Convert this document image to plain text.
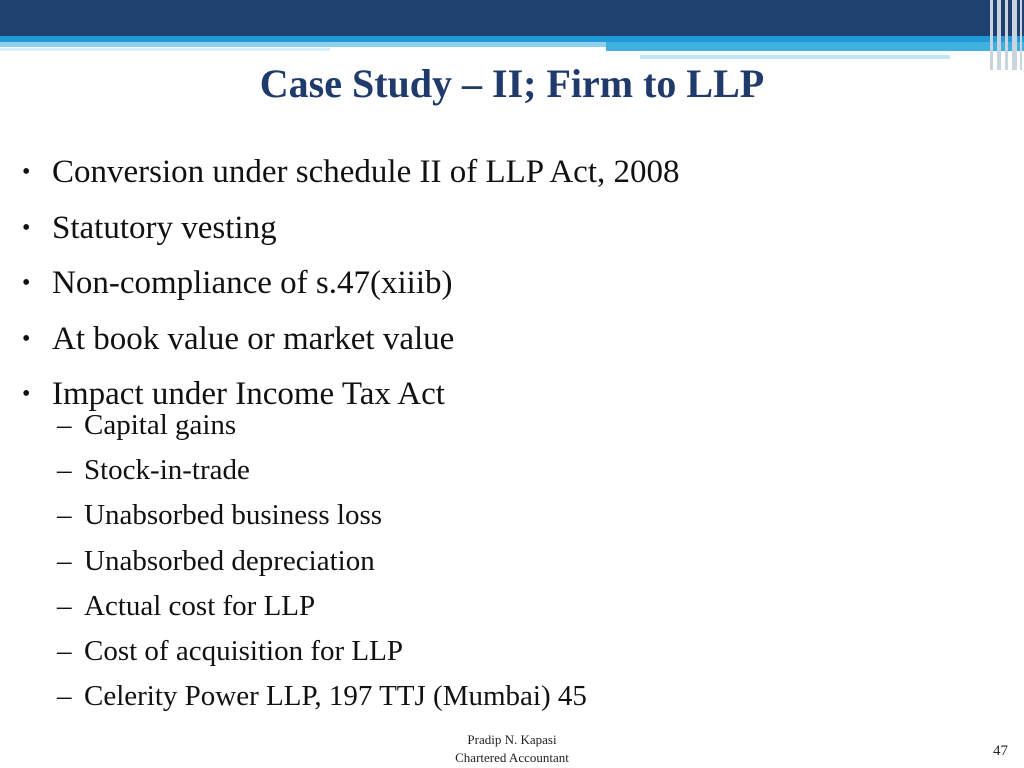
Case Study – II; Firm to LLP
• Conversion under schedule II of LLP Act, 2008
• Statutory vesting
• Non-compliance of s.47(xiiib)
• At book value or market value
• Impact under Income Tax Act
– Capital gains
– Stock-in-trade
– Unabsorbed business loss
– Unabsorbed depreciation
– Actual cost for LLP
– Cost of acquisition for LLP
– Celerity Power LLP, 197 TTJ (Mumbai) 45
Pradip N. Kapasi
Chartered Accountant	47
